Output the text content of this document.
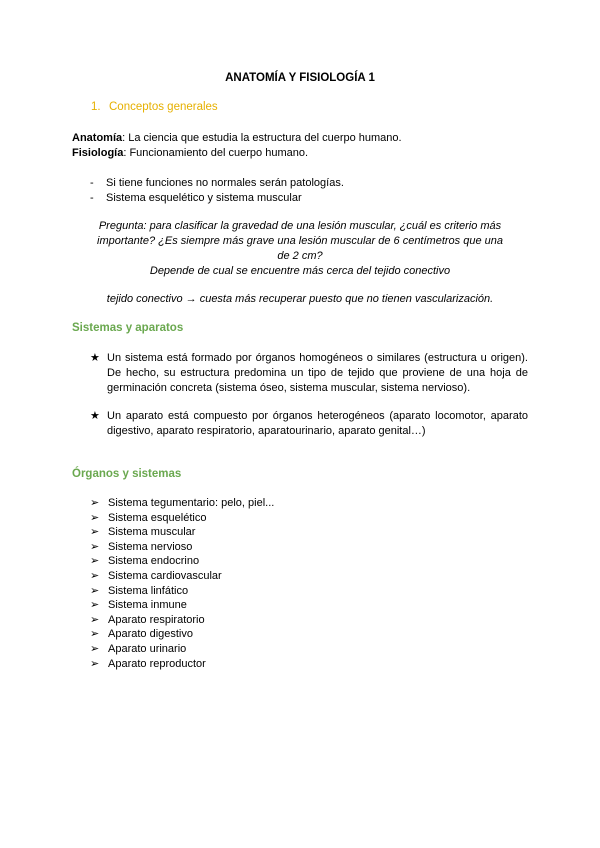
ANATOMÍA Y FISIOLOGÍA 1
1. Conceptos generales
Anatomía: La ciencia que estudia la estructura del cuerpo humano.
Fisiología: Funcionamiento del cuerpo humano.
- Si tiene funciones no normales serán patologías.
- Sistema esquelético y sistema muscular
Pregunta: para clasificar la gravedad de una lesión muscular, ¿cuál es criterio más importante? ¿Es siempre más grave una lesión muscular de 6 centímetros que una de 2 cm?
Depende de cual se encuentre más cerca del tejido conectivo
tejido conectivo → cuesta más recuperar puesto que no tienen vascularización.
Sistemas y aparatos
★ Un sistema está formado por órganos homogéneos o similares (estructura u origen). De hecho, su estructura predomina un tipo de tejido que proviene de una hoja de germinación concreta (sistema óseo, sistema muscular, sistema nervioso).
★ Un aparato está compuesto por órganos heterogéneos (aparato locomotor, aparato digestivo, aparato respiratorio, aparatourinario, aparato genital…)
Órganos y sistemas
➢ Sistema tegumentario: pelo, piel...
➢ Sistema esquelético
➢ Sistema muscular
➢ Sistema nervioso
➢ Sistema endocrino
➢ Sistema cardiovascular
➢ Sistema linfático
➢ Sistema inmune
➢ Aparato respiratorio
➢ Aparato digestivo
➢ Aparato urinario
➢ Aparato reproductor
